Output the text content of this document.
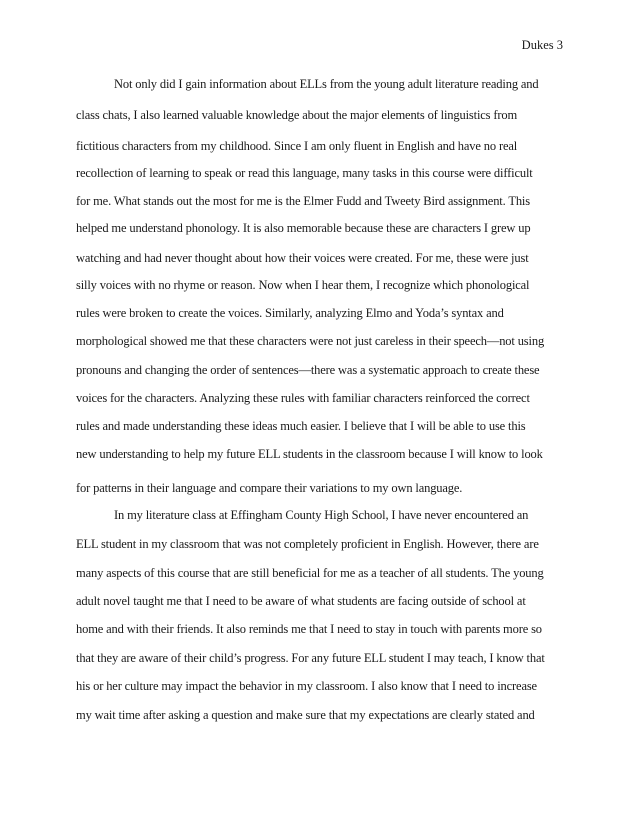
Dukes 3
Not only did I gain information about ELLs from the young adult literature reading and
class chats, I also learned valuable knowledge about the major elements of linguistics from
fictitious characters from my childhood. Since I am only fluent in English and have no real
recollection of learning to speak or read this language, many tasks in this course were difficult
for me. What stands out the most for me is the Elmer Fudd and Tweety Bird assignment. This
helped me understand phonology. It is also memorable because these are characters I grew up
watching and had never thought about how their voices were created. For me, these were just
silly voices with no rhyme or reason. Now when I hear them, I recognize which phonological
rules were broken to create the voices. Similarly, analyzing Elmo and Yoda’s syntax and
morphological showed me that these characters were not just careless in their speech—not using
pronouns and changing the order of sentences—there was a systematic approach to create these
voices for the characters. Analyzing these rules with familiar characters reinforced the correct
rules and made understanding these ideas much easier. I believe that I will be able to use this
new understanding to help my future ELL students in the classroom because I will know to look
for patterns in their language and compare their variations to my own language.
In my literature class at Effingham County High School, I have never encountered an
ELL student in my classroom that was not completely proficient in English. However, there are
many aspects of this course that are still beneficial for me as a teacher of all students. The young
adult novel taught me that I need to be aware of what students are facing outside of school at
home and with their friends. It also reminds me that I need to stay in touch with parents more so
that they are aware of their child’s progress. For any future ELL student I may teach, I know that
his or her culture may impact the behavior in my classroom. I also know that I need to increase
my wait time after asking a question and make sure that my expectations are clearly stated and
